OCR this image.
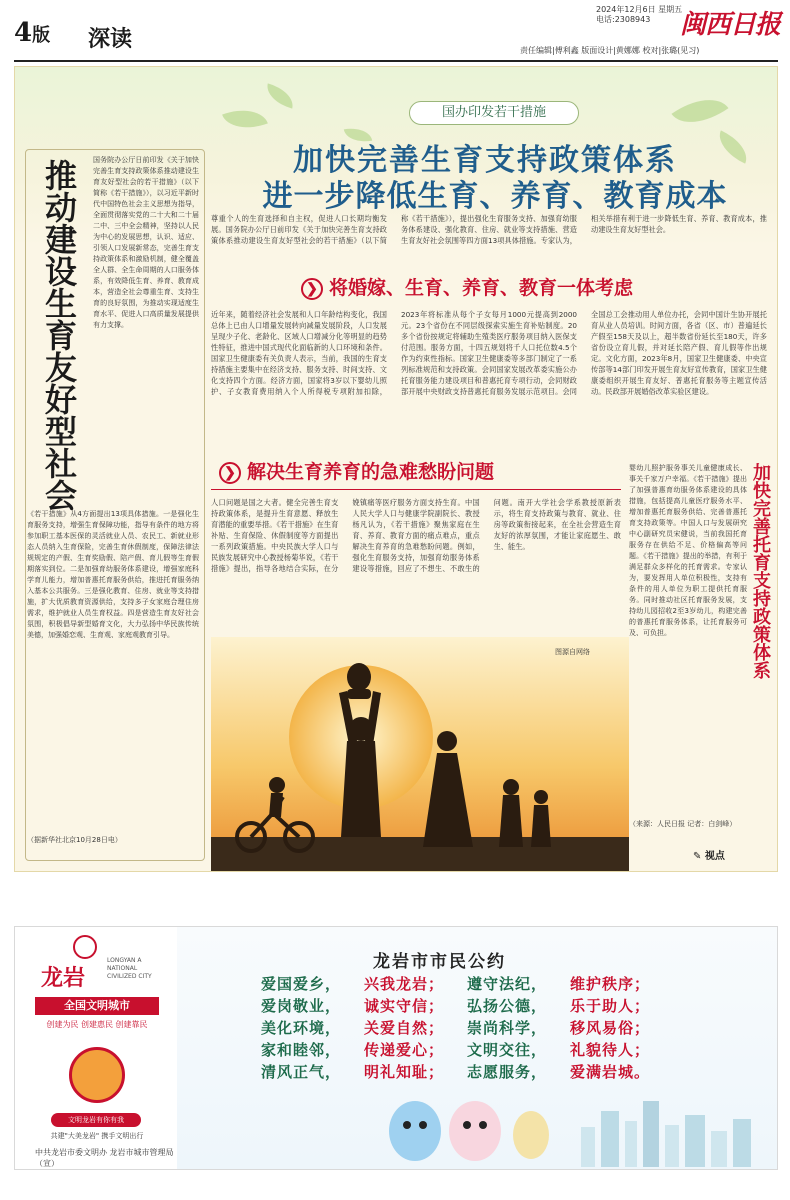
4版 深读
2024年12月6日 星期五
电话:2308943
责任编辑|傅利鑫 版面设计|黄娜娜 校对|张璐(见习)
闽西日报
国办印发若干措施
加快完善生育支持政策体系
进一步降低生育、养育、教育成本
推动建设生育友好型社会 国务院办公厅日前印发《关于加快完善生育支持政策体系推动建设生育友好型社会的若干措施》（以下简称《若干措施》），以习近平新时代中国特色社会主义思想为指导，全面贯彻落实党的二十大和二十届二中、三中全会精神，坚持以人民为中心的发展思想，认识、适应、引领人口发展新常态，完善生育支持政策体系和激励机制，健全覆盖全人群、全生命周期的人口服务体系，有效降低生育、养育、教育成本，营造全社会尊重生育、支持生育的良好氛围，为推动实现适度生育水平、促进人口高质量发展提供有力支撑。
《若干措施》从4方面提出13项具体措施。一是强化生育服务支持，增强生育保障功能，指导有条件的地方将参加职工基本医保的灵活就业人员、农民工、新就业形态人员纳入生育保险，完善生育休假制度，保障法律法规规定的产假、生育奖励假、陪产假、育儿假等生育假期落实到位。二是加强育幼服务体系建设，增强家庭科学育儿能力，增加普惠托育服务供给，推进托育服务纳入基本公共服务。三是强化教育、住房、就业等支持措施，扩大优质教育资源供给，支持多子女家庭合理住房需求，维护就业人员生育权益。四是营造生育友好社会氛围，积极倡导新型婚育文化，大力弘扬中华民族传统美德，加强婚恋观、生育观、家庭观教育引导。
（据新华社北京10月28日电）
尊重个人的生育选择和自主权，促进人口长期均衡发展。国务院办公厅日前印发《关于加快完善生育支持政策体系推动建设生育友好型社会的若干措施》（以下简称《若干措施》），提出强化生育服务支持、加强育幼服务体系建设、强化教育、住房、就业等支持措施、营造生育友好社会氛围等四方面13项具体措施。专家认为，相关举措有利于进一步降低生育、养育、教育成本，推动建设生育友好型社会。
❯ 将婚嫁、生育、养育、教育一体考虑
近年来，随着经济社会发展和人口年龄结构变化，我国总体上已由人口增量发展转向减量发展阶段，人口发展呈现少子化、老龄化、区域人口增减分化等明显的趋势性特征，推进中国式现代化面临新的人口环境和条件。国家卫生健康委有关负责人表示，当前，我国的生育支持措施主要集中在经济支持、服务支持、时间支持、文化支持四个方面。经济方面，国家将3岁以下婴幼儿照护、子女教育费用纳入个人所得税专项附加扣除，2023年将标准从每个子女每月1000元提高到2000元。23个省份在不同层级探索实施生育补贴制度。20多个省份按规定将辅助生殖类医疗服务项目纳入医保支付范围。服务方面，十四五规划将千人口托位数4.5个作为约束性指标。国家卫生健康委等多部门制定了一系列标准规范和支持政策。会同国家发展改革委实施公办托育服务能力建设项目和普惠托育专项行动，会同财政部开展中央财政支持普惠托育服务发展示范项目。会同全国总工会推动用人单位办托，会同中国计生协开展托育从业人员培训。时间方面，各省（区、市）普遍延长产假至158天及以上，超半数省份延长至180天，许多省份设立育儿假，并对延长陪产假、育儿假等作出规定。文化方面，2023年8月，国家卫生健康委、中央宣传部等14部门印发开展生育友好宣传教育，国家卫生健康委组织开展生育友好、普惠托育服务等主题宣传活动。民政部开展婚俗改革实验区建设。
❯ 解决生育养育的急难愁盼问题
人口问题是国之大者。健全完善生育支持政策体系，是提升生育意愿、释放生育潜能的重要举措。《若干措施》在生育补贴、生育保险、休假制度等方面提出一系列政策措施。中央民族大学人口与民族发展研究中心教授杨菊华说，《若干措施》提出，指导各地结合实际，在分娩镇痛等医疗服务方面支持生育。中国人民大学人口与健康学院副院长、教授杨凡认为，《若干措施》聚焦家庭在生育、养育、教育方面的痛点难点，重点解决生育养育的急难愁盼问题。例如，强化生育服务支持，加强育幼服务体系建设等措施，回应了不想生、不敢生的问题。南开大学社会学系教授原新表示，将生育支持政策与教育、就业、住房等政策衔接起来，在全社会营造生育友好的浓厚氛围，才能让家庭愿生、敢生、能生。
图源自网络	加快完善托育支持政策体系
婴幼儿照护服务事关儿童健康成长、事关千家万户幸福。《若干措施》提出了加强普惠育幼服务体系建设的具体措施，包括提高儿童医疗服务水平、增加普惠托育服务供给、完善普惠托育支持政策等。中国人口与发展研究中心副研究员宋健说，当前我国托育服务存在供给不足、价格偏高等问题。《若干措施》提出的举措，有利于满足群众多样化的托育需求。专家认为，要发挥用人单位积极性，支持有条件的用人单位为职工提供托育服务。同时推动社区托育服务发展，支持幼儿园招收2至3岁幼儿，构建完善的普惠托育服务体系，让托育服务可及、可负担。
（来源：人民日报 记者：白剑峰）
✎ 视点
龙岩
LONGYAN A NATIONAL CIVILIZED CITY
全国文明城市
创建为民 创建惠民 创建靠民
文明龙岩有你有我
共建"大美龙岩" 携手文明出行
中共龙岩市委文明办 龙岩市城市管理局 （宣）
龙岩市市民公约
爱国爱乡， 兴我龙岩； 遵守法纪， 维护秩序；
爱岗敬业， 诚实守信； 弘扬公德， 乐于助人；
美化环境， 关爱自然； 崇尚科学， 移风易俗；
家和睦邻， 传递爱心； 文明交往， 礼貌待人；
清风正气， 明礼知耻； 志愿服务， 爱满岩城。
